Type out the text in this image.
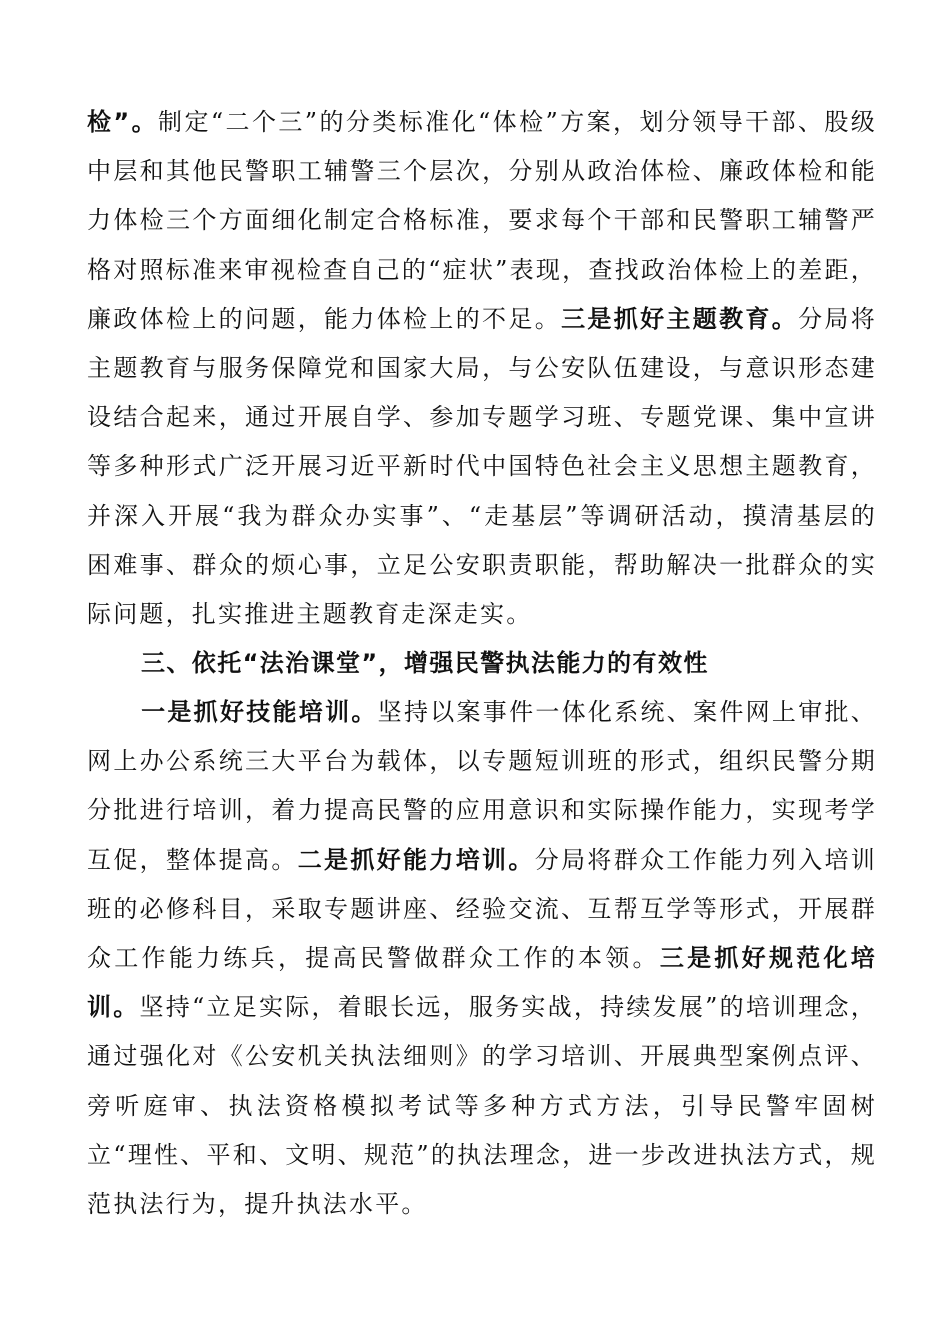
检”。制定“二个三”的分类标准化“体检”方案，划分领导干部、股级中层和其他民警职工辅警三个层次，分别从政治体检、廉政体检和能力体检三个方面细化制定合格标准，要求每个干部和民警职工辅警严格对照标准来审视检查自己的“症状”表现，查找政治体检上的差距，廉政体检上的问题，能力体检上的不足。三是抓好主题教育。分局将主题教育与服务保障党和国家大局，与公安队伍建设，与意识形态建设结合起来，通过开展自学、参加专题学习班、专题党课、集中宣讲等多种形式广泛开展习近平新时代中国特色社会主义思想主题教育，并深入开展“我为群众办实事”、“走基层”等调研活动，摸清基层的困难事、群众的烦心事，立足公安职责职能，帮助解决一批群众的实际问题，扎实推进主题教育走深走实。

三、依托“法治课堂”，增强民警执法能力的有效性

一是抓好技能培训。坚持以案事件一体化系统、案件网上审批、网上办公系统三大平台为载体，以专题短训班的形式，组织民警分期分批进行培训，着力提高民警的应用意识和实际操作能力，实现考学互促，整体提高。二是抓好能力培训。分局将群众工作能力列入培训班的必修科目，采取专题讲座、经验交流、互帮互学等形式，开展群众工作能力练兵，提高民警做群众工作的本领。三是抓好规范化培训。坚持“立足实际，着眼长远，服务实战，持续发展”的培训理念，通过强化对《公安机关执法细则》的学习培训、开展典型案例点评、旁听庭审、执法资格模拟考试等多种方式方法，引导民警牢固树立“理性、平和、文明、规范”的执法理念，进一步改进执法方式，规范执法行为，提升执法水平。
